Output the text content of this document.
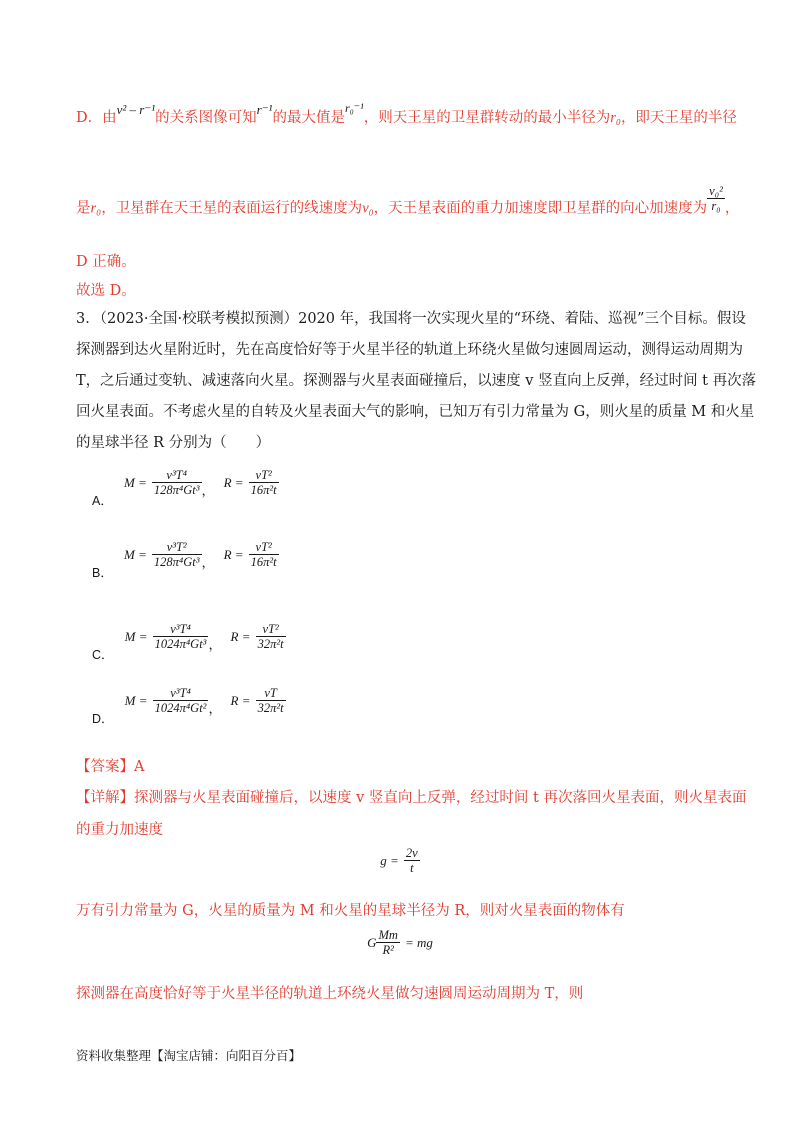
D．由v² – r⁻¹的关系图像可知r⁻¹的最大值是$^{r_0^{-1}}$，则天王星的卫星群转动的最小半径为r₀，即天王星的半径
是r₀，卫星群在天王星的表面运行的线速度为v₀，天王星表面的重力加速度即卫星群的向心加速度为 $\frac{\text{v₀²}}{\text{r₀}}$ ，
D 正确。
故选 D。
3．（2023·全国·校联考模拟预测）2020 年，我国将一次实现火星的“环绕、着陆、巡视”三个目标。假设
探测器到达火星附近时，先在高度恰好等于火星半径的轨道上环绕火星做匀速圆周运动，测得运动周期为
T，之后通过变轨、减速落向火星。探测器与火星表面碰撞后，以速度 v 竖直向上反弹，经过时间 t 再次落
回火星表面。不考虑火星的自转及火星表面大气的影响，已知万有引力常量为 G，则火星的质量 M 和火星
的星球半径 R 分别为（　　）
$_{A.}$ $M = \frac{\text{v³T⁴}}{\text{128π⁴Gt³}} _,$ $R = \frac{\text{vT²}}{\text{16π²t}}$
$_{B.}$ $M = \frac{\text{v³T²}}{\text{128π⁴Gt³}} _,$ $R = \frac{\text{vT²}}{\text{16π²t}}$
$_{C.}$ $M = \frac{\text{v³T⁴}}{\text{1024π⁴Gt³}} _,$ $R = \frac{\text{vT²}}{\text{32π²t}}$
$_{D.}$ $M = \frac{\text{v³T⁴}}{\text{1024π⁴Gt²}} _,$ $R = \frac{vT}{\text{32π²t}}$
【答案】A
【详解】探测器与火星表面碰撞后，以速度 v 竖直向上反弹，经过时间 t 再次落回火星表面，则火星表面
的重力加速度
$g = \frac{2v}{t}$
万有引力常量为 G，火星的质量为 M 和火星的星球半径为 R，则对火星表面的物体有
G $\frac{Mm}{\text{R²}}$ = mg
探测器在高度恰好等于火星半径的轨道上环绕火星做匀速圆周运动周期为 T，则
资料收集整理【淘宝店铺：向阳百分百】
